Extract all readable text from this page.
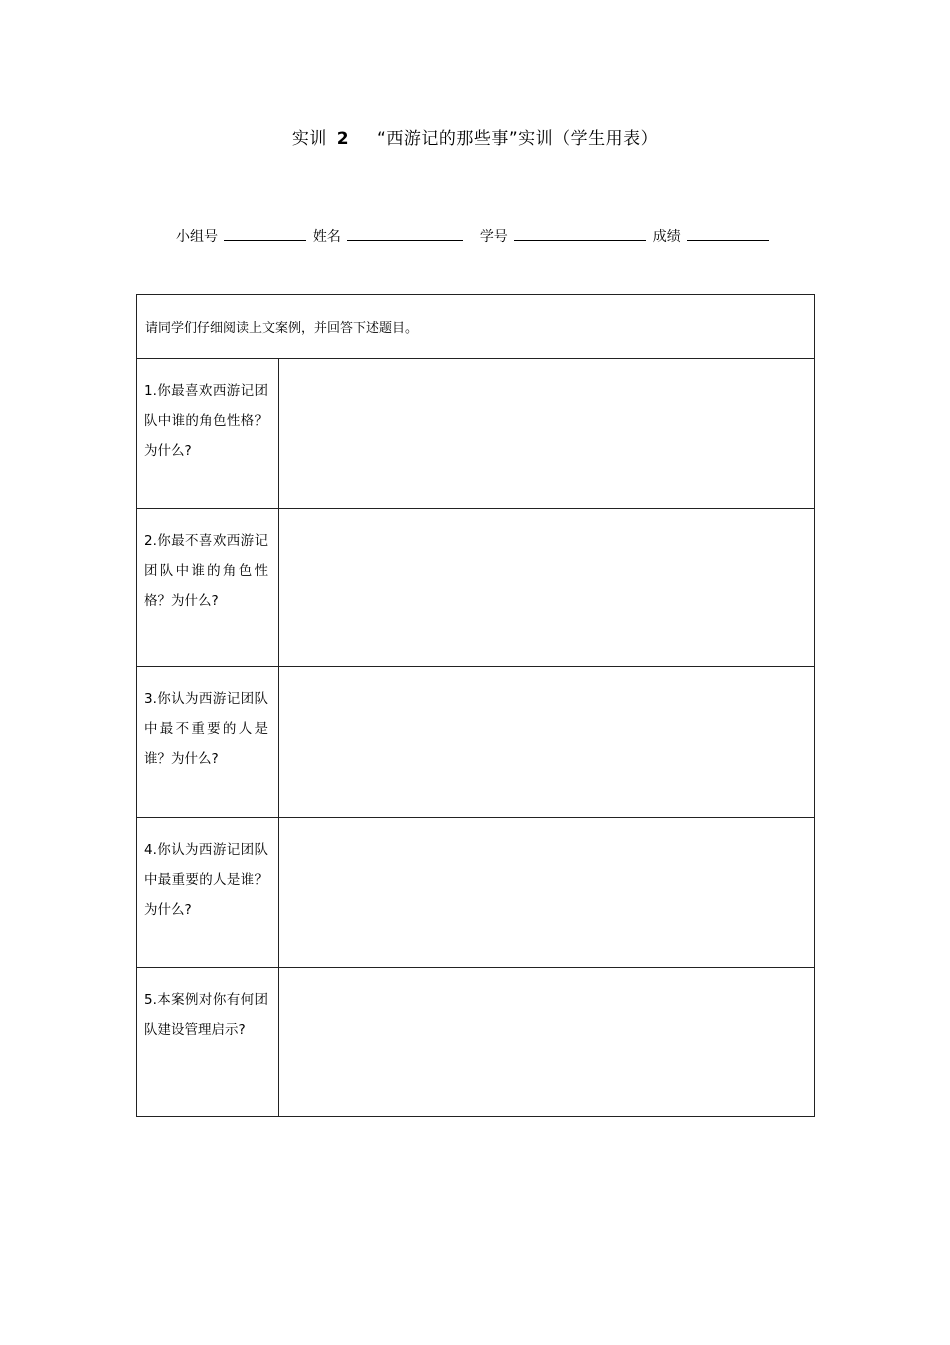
实训 2 “西游记的那些事”实训（学生用表）
小组号	姓名	学号	成绩
请同学们仔细阅读上文案例，并回答下述题目。	
1.你最喜欢西游记团队中谁的角色性格？为什么?	
2.你最不喜欢西游记团队中谁的角色性格？为什么?	
3.你认为西游记团队中最不重要的人是谁？为什么?	
4.你认为西游记团队中最重要的人是谁？为什么?	
5.本案例对你有何团队建设管理启示?	
